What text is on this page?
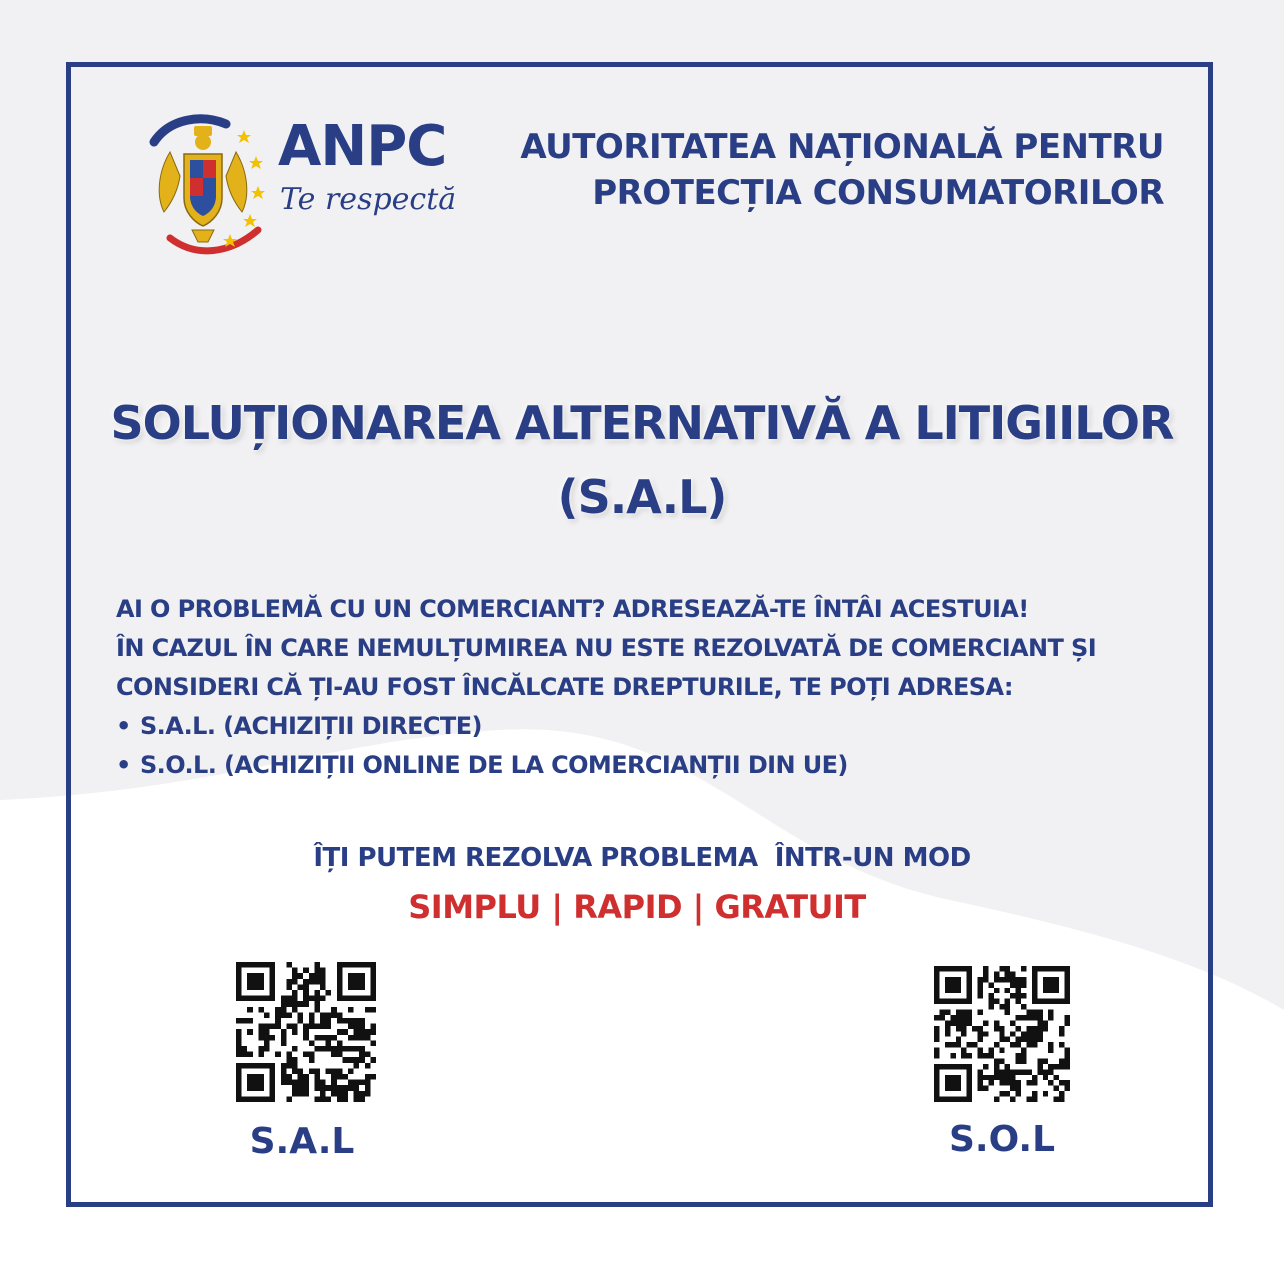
ANPC
Te respectă
AUTORITATEA NAȚIONALĂ PENTRU
PROTECȚIA CONSUMATORILOR
SOLUȚIONAREA ALTERNATIVĂ A LITIGIILOR
(S.A.L)
AI O PROBLEMĂ CU UN COMERCIANT? ADRESEAZĂ-TE ÎNTÂI ACESTUIA!
ÎN CAZUL ÎN CARE NEMULȚUMIREA NU ESTE REZOLVATĂ DE COMERCIANT ȘI
CONSIDERI CĂ ȚI-AU FOST ÎNCĂLCATE DREPTURILE, TE POȚI ADRESA:
• S.A.L. (ACHIZIȚII DIRECTE)
• S.O.L. (ACHIZIȚII ONLINE DE LA COMERCIANȚII DIN UE)
ÎȚI PUTEM REZOLVA PROBLEMA  ÎNTR-UN MOD
SIMPLU | RAPID | GRATUIT
S.A.L	S.O.L
